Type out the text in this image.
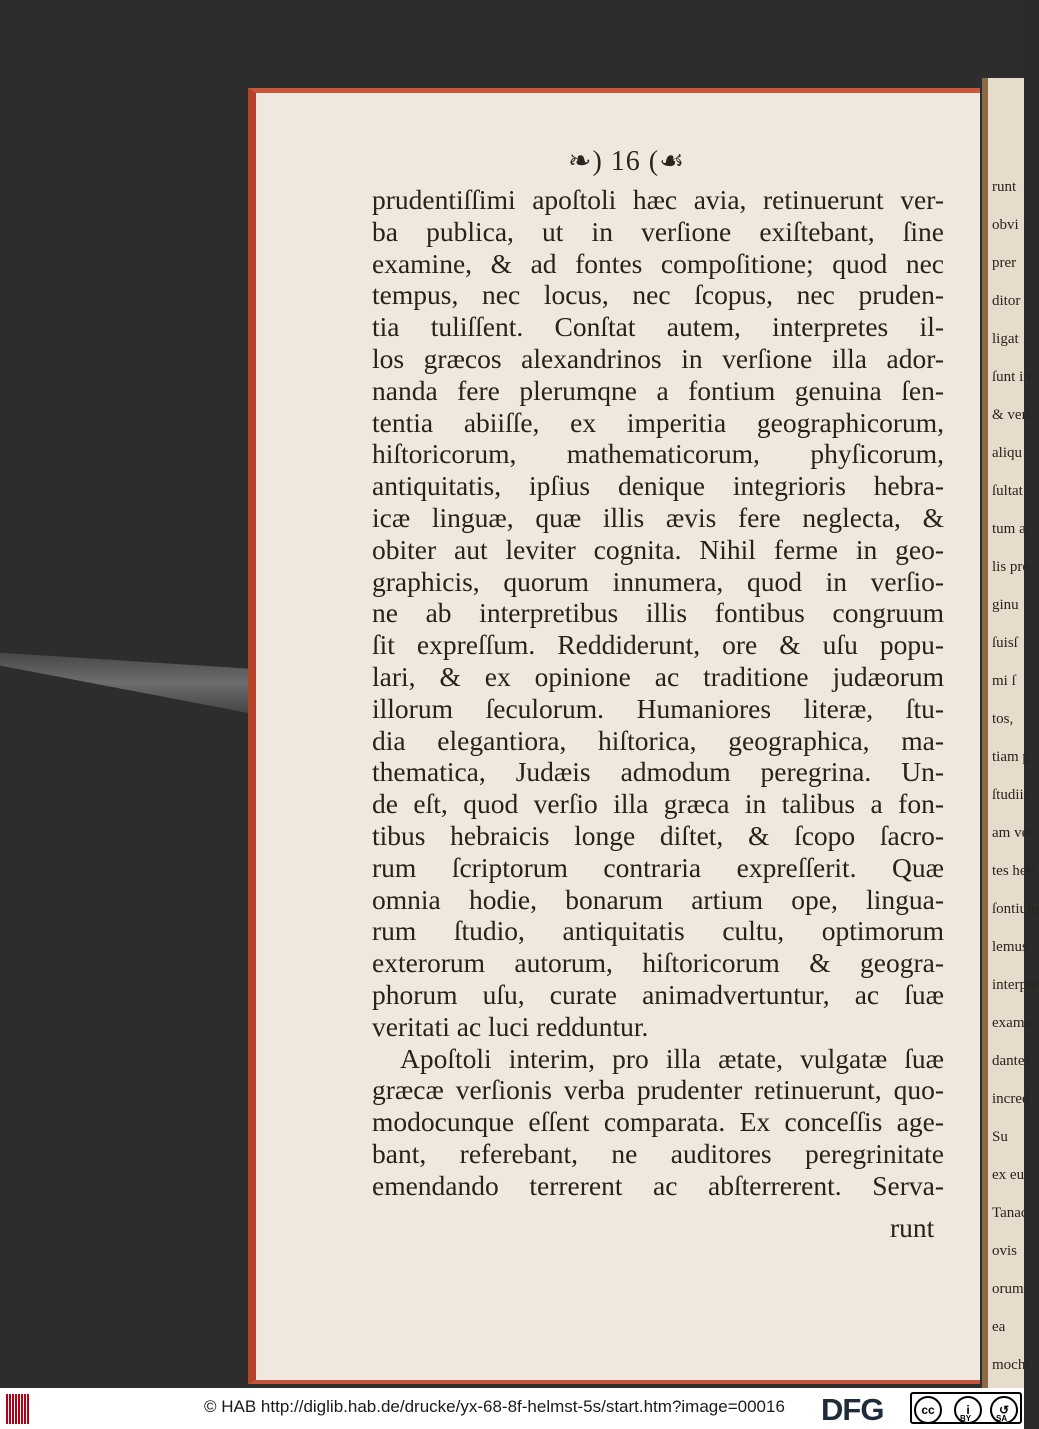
runt
obvi
prer
ditor
ligat
ſunt in
& verſ
aliqu
ſultat
tum a
lis pre
ginu
ſuisſ
mi ſ
tos,
tiam p
ſtudiis
am vel
tes heb
ſontium
lemus.
interpre
examin
dantes
incred
Su
ex eu
Tanac
ovis
orum,
ea
mochi
❧) 16 (☙

prudentiſſimi apoſtoli hæc avia, retinuerunt ver-

ba publica, ut in verſione exiſtebant, ſine

examine, & ad fontes compoſitione; quod nec

tempus, nec locus, nec ſcopus, nec pruden-

tia tuliſſent. Conſtat autem, interpretes il-

los græcos alexandrinos in verſione illa ador-

nanda fere plerumqne a fontium genuina ſen-

tentia abiiſſe, ex imperitia geographicorum,

hiſtoricorum, mathematicorum, phyſicorum,

antiquitatis, ipſius denique integrioris hebra-

icæ linguæ, quæ illis ævis fere neglecta, &

obiter aut leviter cognita. Nihil ferme in geo-

graphicis, quorum innumera, quod in verſio-

ne ab interpretibus illis fontibus congruum

ſit expreſſum. Reddiderunt, ore & uſu popu-

lari, & ex opinione ac traditione judæorum

illorum ſeculorum. Humaniores literæ, ſtu-

dia elegantiora, hiſtorica, geographica, ma-

thematica, Judæis admodum peregrina. Un-

de eſt, quod verſio illa græca in talibus a fon-

tibus hebraicis longe diſtet, & ſcopo ſacro-

rum ſcriptorum contraria expreſſerit. Quæ

omnia hodie, bonarum artium ope, lingua-

rum ſtudio, antiquitatis cultu, optimorum

exterorum autorum, hiſtoricorum & geogra-

phorum uſu, curate animadvertuntur, ac ſuæ

veritati ac luci redduntur.

Apoſtoli interim, pro illa ætate, vulgatæ ſuæ

græcæ verſionis verba prudenter retinuerunt, quo-

modocunque eſſent comparata. Ex conceſſis age-

bant, referebant, ne auditores peregrinitate

emendando terrerent ac abſterrerent. Serva-

runt
© HAB http://diglib.hab.de/drucke/yx-68-8f-helmst-5s/start.htm?image=00016 DFG	cc	i	↺
BY	SA
